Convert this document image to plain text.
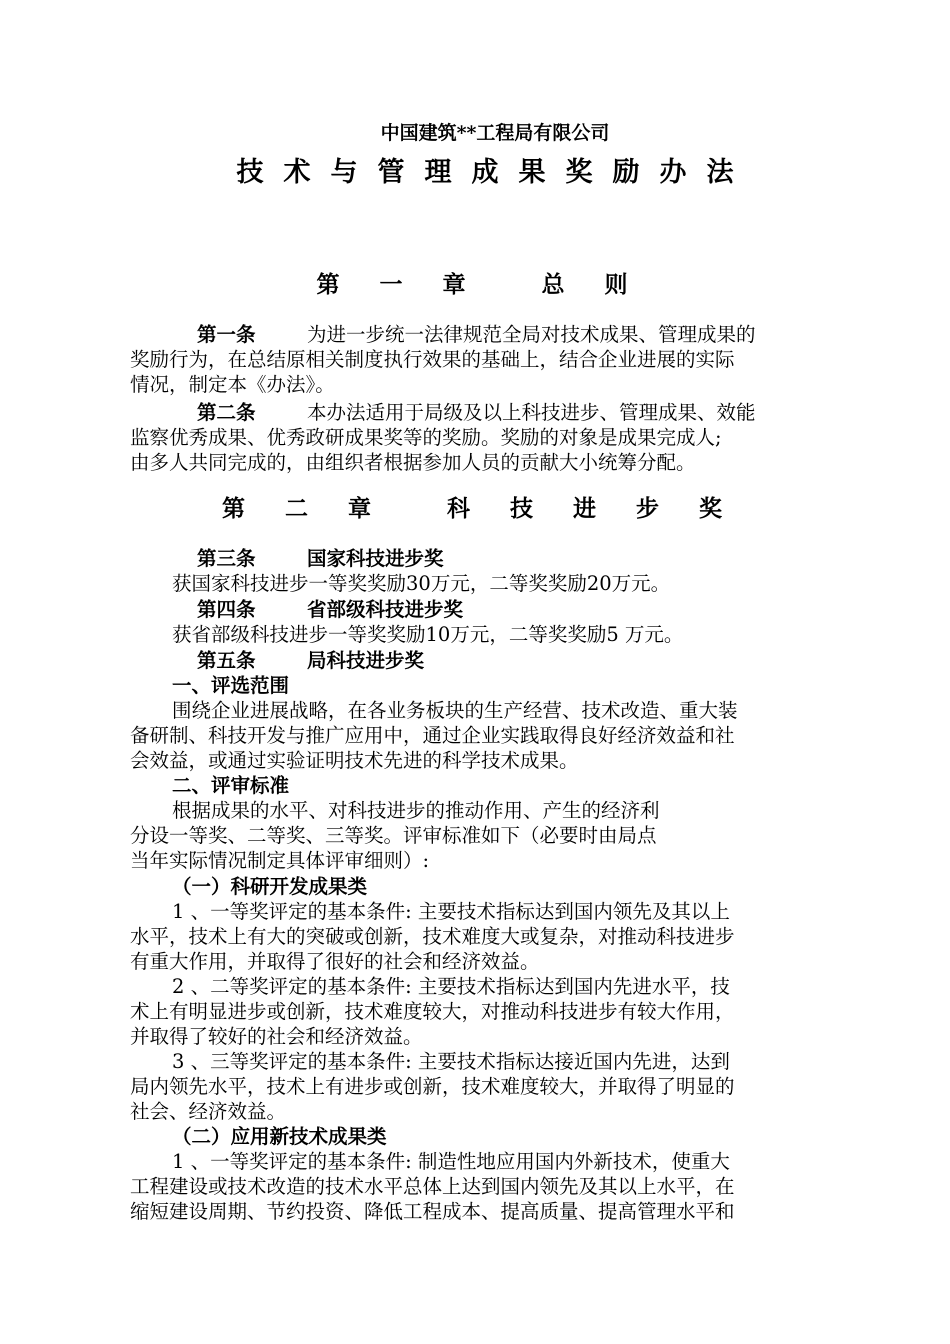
中国建筑**工程局有限公司
技术与管理成果奖励办法
第 一 章	总 则
第一条	为进一步统一法律规范全局对技术成果、管理成果的
奖励行为，在总结原相关制度执行效果的基础上，结合企业进展的实际
情况，制定本《办法》。
第二条	本办法适用于局级及以上科技进步、管理成果、效能
监察优秀成果、优秀政研成果奖等的奖励。奖励的对象是成果完成人;
由多人共同完成的，由组织者根据参加人员的贡献大小统筹分配。
第 二 章	科 技 进 步 奖
第三条	国家科技进步奖
获国家科技进步一等奖奖励30万元，二等奖奖励20万元。
第四条	省部级科技进步奖
获省部级科技进步一等奖奖励10万元，二等奖奖励5 万元。
第五条	局科技进步奖
一、评选范围
围绕企业进展战略，在各业务板块的生产经营、技术改造、重大装
备研制、科技开发与推广应用中，通过企业实践取得良好经济效益和社
会效益，或通过实验证明技术先进的科学技术成果。
二、评审标准
根据成果的水平、对科技进步的推动作用、产生的经济利
分设一等奖、二等奖、三等奖。评审标准如下（必要时由局点
当年实际情况制定具体评审细则）:
（一）科研开发成果类
1 、一等奖评定的基本条件: 主要技术指标达到国内领先及其以上
水平，技术上有大的突破或创新，技术难度大或复杂，对推动科技进步
有重大作用，并取得了很好的社会和经济效益。
2 、二等奖评定的基本条件: 主要技术指标达到国内先进水平，技
术上有明显进步或创新，技术难度较大，对推动科技进步有较大作用，
并取得了较好的社会和经济效益。
3 、三等奖评定的基本条件: 主要技术指标达接近国内先进，达到
局内领先水平，技术上有进步或创新，技术难度较大，并取得了明显的
社会、经济效益。
（二）应用新技术成果类
1 、一等奖评定的基本条件: 制造性地应用国内外新技术，使重大
工程建设或技术改造的技术水平总体上达到国内领先及其以上水平，在
缩短建设周期、节约投资、降低工程成本、提高质量、提高管理水平和
